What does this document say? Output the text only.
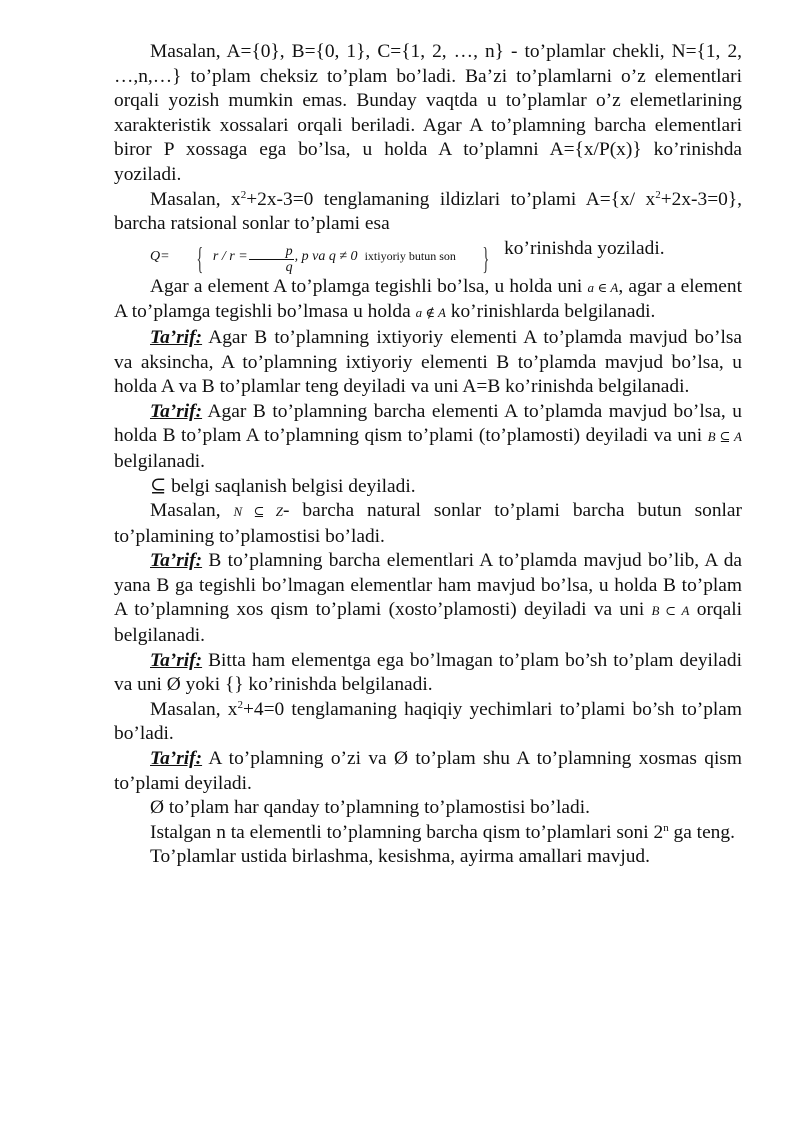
Masalan, A={0}, B={0, 1}, C={1, 2, …, n} - to’plamlar chekli, N={1, 2, …,n,…} to’plam cheksiz to’plam bo’ladi. Ba’zi to’plamlarni o’z elementlari orqali yozish mumkin emas. Bunday vaqtda u to’plamlar o’z elemetlarining xarakteristik xossalari orqali beriladi. Agar A to’plamning barcha elementlari biror P xossaga ega bo’lsa, u holda A to’plamni A={x/P(x)} ko’rinishda yoziladi.

Masalan, $x^2+2x-3=0$ tenglamaning ildizlari to’plami A={x/ $x^2+2x-3=0$}, barcha ratsional sonlar to’plami esa
Q= { $r / r = \frac{p}{q}$ , p va q ≠ 0 ixtiyoriy butun son } ko’rinishda yoziladi.

Agar a element A to’plamga tegishli bo’lsa, u holda uni a ∈ A, agar a element A to’plamga tegishli bo’lmasa u holda a ∉ A ko’rinishlarda belgilanadi.

Ta’rif: Agar B to’plamning ixtiyoriy elementi A to’plamda mavjud bo’lsa va aksincha, A to’plamning ixtiyoriy elementi B to’plamda mavjud bo’lsa, u holda A va B to’plamlar teng deyiladi va uni A=B ko’rinishda belgilanadi.

Ta’rif: Agar B to’plamning barcha elementi A to’plamda mavjud bo’lsa, u holda B to’plam A to’plamning qism to’plami (to’plamosti) deyiladi va uni B ⊆ A belgilanadi.

⊆ belgi saqlanish belgisi deyiladi.

Masalan, N ⊆ Z- barcha natural sonlar to’plami barcha butun sonlar to’plamining to’plamostisi bo’ladi.

Ta’rif: B to’plamning barcha elementlari A to’plamda mavjud bo’lib, A da yana B ga tegishli bo’lmagan elementlar ham mavjud bo’lsa, u holda B to’plam A to’plamning xos qism to’plami (xosto’plamosti) deyiladi va uni B ⊂ A orqali belgilanadi.

Ta’rif: Bitta ham elementga ega bo’lmagan to’plam bo’sh to’plam deyiladi va uni Ø yoki {} ko’rinishda belgilanadi.

Masalan, $x^2+4=0$ tenglamaning haqiqiy yechimlari to’plami bo’sh to’plam bo’ladi.

Ta’rif: A to’plamning o’zi va Ø to’plam shu A to’plamning xosmas qism to’plami deyiladi.

Ø to’plam har qanday to’plamning to’plamostisi bo’ladi.

Istalgan n ta elementli to’plamning barcha qism to’plamlari soni 2$^n$ ga teng.

To’plamlar ustida birlashma, kesishma, ayirma amallari mavjud.
